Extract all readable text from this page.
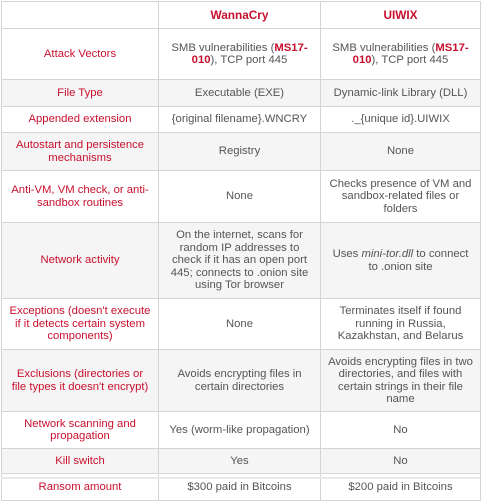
	WannaCry	UIWIX
Attack Vectors	SMB vulnerabilities (MS17-010), TCP port 445	SMB vulnerabilities (MS17-010), TCP port 445
File Type	Executable (EXE)	Dynamic-link Library (DLL)
Appended extension	{original filename}.WNCRY	._{unique id}.UIWIX
Autostart and persistence mechanisms	Registry	None
Anti-VM, VM check, or anti-sandbox routines	None	Checks presence of VM and sandbox-related files or folders
Network activity	On the internet, scans for random IP addresses to check if it has an open port 445; connects to .onion site using Tor browser	Uses mini-tor.dll to connect to .onion site
Exceptions (doesn't execute if it detects certain system components)	None	Terminates itself if found running in Russia, Kazakhstan, and Belarus
Exclusions (directories or file types it doesn't encrypt)	Avoids encrypting files in certain directories	Avoids encrypting files in two directories, and files with certain strings in their file name
Network scanning and propagation	Yes (worm-like propagation)	No
Kill switch	Yes	No
Ransom amount	$300 paid in Bitcoins	$200 paid in Bitcoins
